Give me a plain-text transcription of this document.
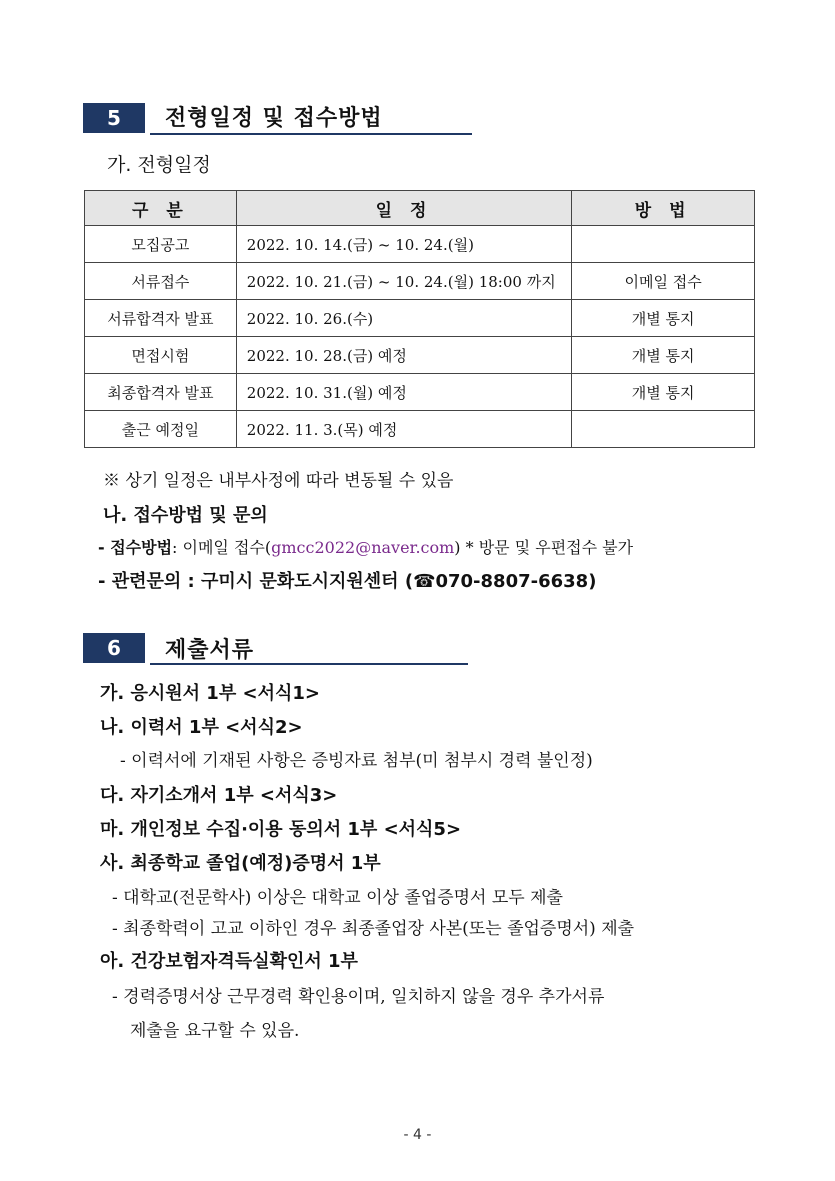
5	전형일정 및 접수방법
가. 전형일정
구 분	일 정	방 법
모집공고	2022. 10. 14.(금) ~ 10. 24.(월)	
서류접수	2022. 10. 21.(금) ~ 10. 24.(월) 18:00 까지	이메일 접수
서류합격자 발표	2022. 10. 26.(수)	개별 통지
면접시험	2022. 10. 28.(금) 예정	개별 통지
최종합격자 발표	2022. 10. 31.(월) 예정	개별 통지
출근 예정일	2022. 11. 3.(목) 예정	
※ 상기 일정은 내부사정에 따라 변동될 수 있음
나. 접수방법 및 문의
- 접수방법: 이메일 접수(gmcc2022@naver.com) * 방문 및 우편접수 불가
- 관련문의 : 구미시 문화도시지원센터 (☎070-8807-6638)
6	제출서류
가. 응시원서 1부 <서식1>
나. 이력서 1부 <서식2>
- 이력서에 기재된 사항은 증빙자료 첨부(미 첨부시 경력 불인정)
다. 자기소개서 1부 <서식3>
마. 개인정보 수집·이용 동의서 1부 <서식5>
사. 최종학교 졸업(예정)증명서 1부
- 대학교(전문학사) 이상은 대학교 이상 졸업증명서 모두 제출
- 최종학력이 고교 이하인 경우 최종졸업장 사본(또는 졸업증명서) 제출
아. 건강보험자격득실확인서 1부
- 경력증명서상 근무경력 확인용이며, 일치하지 않을 경우 추가서류
제출을 요구할 수 있음.
- 4 -
